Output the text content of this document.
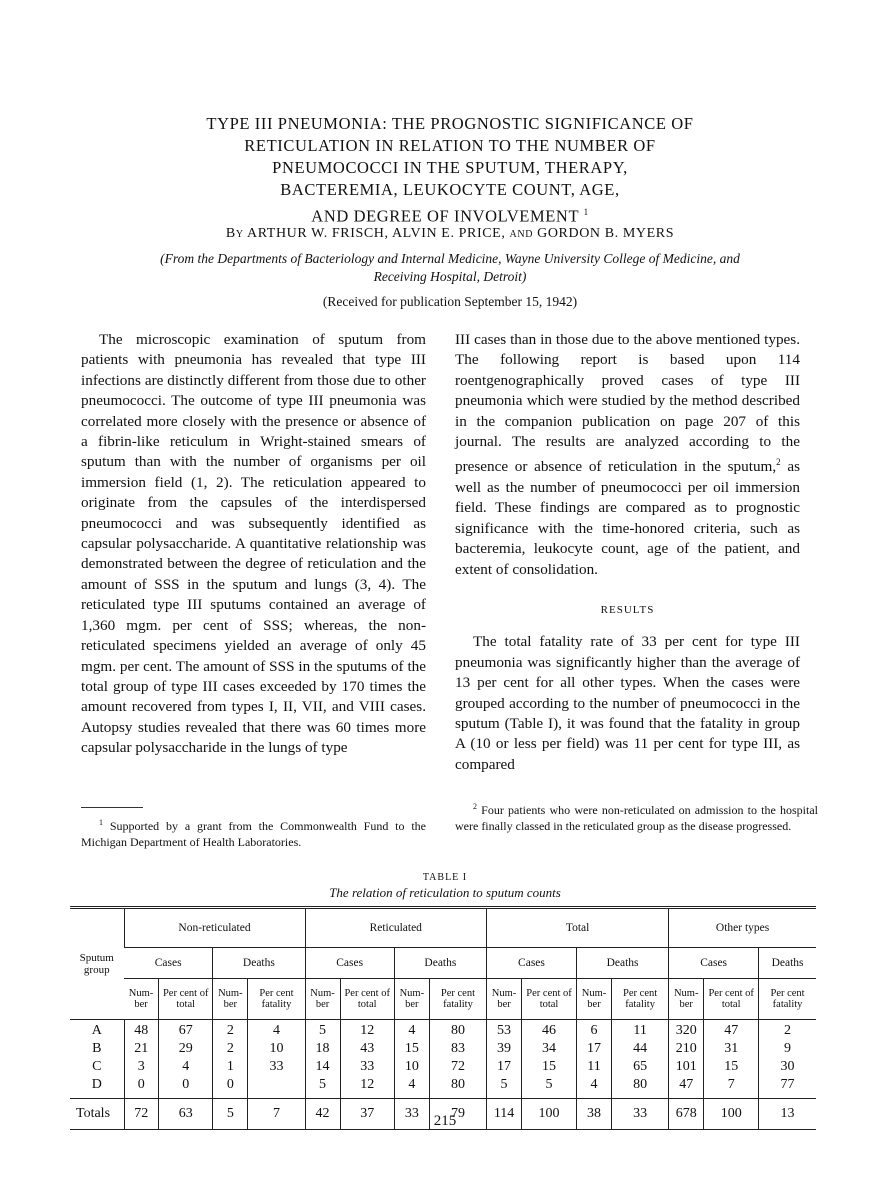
TYPE III PNEUMONIA: THE PROGNOSTIC SIGNIFICANCE OF
RETICULATION IN RELATION TO THE NUMBER OF
PNEUMOCOCCI IN THE SPUTUM, THERAPY,
BACTEREMIA, LEUKOCYTE COUNT, AGE,
AND DEGREE OF INVOLVEMENT $^1$
By ARTHUR W. FRISCH, ALVIN E. PRICE, and GORDON B. MYERS
(From the Departments of Bacteriology and Internal Medicine, Wayne University College of Medicine, and Receiving Hospital, Detroit)
(Received for publication September 15, 1942)

The microscopic examination of sputum from patients with pneumonia has revealed that type III infections are distinctly different from those due to other pneumococci. The outcome of type III pneumonia was correlated more closely with the presence or absence of a fibrin-like reticulum in Wright-stained smears of sputum than with the number of organisms per oil immersion field (1, 2). The reticulation appeared to originate from the capsules of the interdispersed pneumococci and was subsequently identified as capsular polysaccharide. A quantitative relationship was demonstrated between the degree of reticulation and the amount of SSS in the sputum and lungs (3, 4). The reticulated type III sputums contained an average of 1,360 mgm. per cent of SSS; whereas, the non-reticulated specimens yielded an average of only 45 mgm. per cent. The amount of SSS in the sputums of the total group of type III cases exceeded by 170 times the amount recovered from types I, II, VII, and VIII cases. Autopsy studies revealed that there was 60 times more capsular polysaccharide in the lungs of type

III cases than in those due to the above mentioned types. The following report is based upon 114 roentgenographically proved cases of type III pneumonia which were studied by the method described in the companion publication on page 207 of this journal. The results are analyzed according to the presence or absence of reticulation in the sputum,$^2$ as well as the number of pneumococci per oil immersion field. These findings are compared as to prognostic significance with the time-honored criteria, such as bacteremia, leukocyte count, age of the patient, and extent of consolidation.

RESULTS

The total fatality rate of 33 per cent for type III pneumonia was significantly higher than the average of 13 per cent for all other types. When the cases were grouped according to the number of pneumococci in the sputum (Table I), it was found that the fatality in group A (10 or less per field) was 11 per cent for type III, as compared

$^1$ Supported by a grant from the Commonwealth Fund to the Michigan Department of Health Laboratories.
$^2$ Four patients who were non-reticulated on admission to the hospital were finally classed in the reticulated group as the disease progressed.
TABLE I
The relation of reticulation to sputum counts
Sputum group	Non-reticulated				Reticulated				Total				Other types		
	Cases		Deaths		Cases		Deaths		Cases		Deaths		Cases		Deaths
	Num-ber	Per cent of total	Num-ber	Per cent fatality	Num-ber	Per cent of total	Num-ber	Per cent fatality	Num-ber	Per cent of total	Num-ber	Per cent fatality	Num-ber	Per cent of total	Per cent fatality
A	48	67	2	4	5	12	4	80	53	46	6	11	320	47	2
B	21	29	2	10	18	43	15	83	39	34	17	44	210	31	9
C	3	4	1	33	14	33	10	72	17	15	11	65	101	15	30
D	0	0	0		5	12	4	80	5	5	4	80	47	7	77
Totals	72	63	5	7	42	37	33	79	114	100	38	33	678	100	13
215
